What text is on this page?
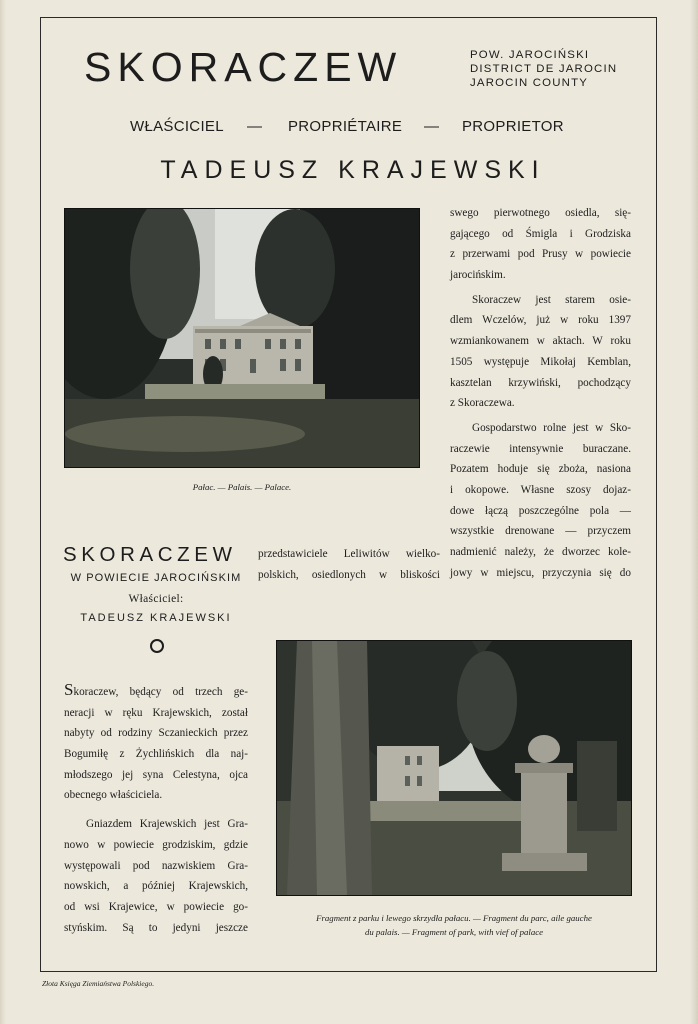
SKORACZEW	POW. JAROCIŃSKI
DISTRICT DE JAROCIN
JAROCIN COUNTY
WŁAŚCICIEL — PROPRIÉTAIRE — PROPRIETOR
TADEUSZ KRAJEWSKI
Pałac. — Palais. — Palace.
swego pierwotnego osiedla, się-
gającego od Śmigla i Grodziska
z przerwami pod Prusy w powiecie
jarocińskim.
Skoraczew jest starem osie-
dlem Wczelów, już w roku 1397
wzmiankowanem w aktach. W roku
1505 występuje Mikołaj Kemblan,
kasztelan krzywiński, pochodzący
z Skoraczewa.
Gospodarstwo rolne jest w Sko-
raczewie intensywnie buraczane.
Pozatem hoduje się zboża, nasiona
i okopowe. Własne szosy dojaz-
dowe łączą poszczególne pola —
wszystkie drenowane — przyczem
nadmienić należy, że dworzec kole-
jowy w miejscu, przyczynia się do
przedstawiciele Leliwitów wielko-
polskich, osiedlonych w bliskości
SKORACZEW
W POWIECIE JAROCIŃSKIM
Właściciel:
TADEUSZ KRAJEWSKI
Skoraczew, będący od trzech ge-
neracji w ręku Krajewskich, został
nabyty od rodziny Sczanieckich przez
Bogumiłę z Żychlińskich dla naj-
młodszego jej syna Celestyna, ojca
obecnego właściciela.
Gniazdem Krajewskich jest Gra-
nowo w powiecie grodziskim, gdzie
występowali pod nazwiskiem Gra-
nowskich, a później Krajewskich,
od wsi Krajewice, w powiecie go-
styńskim. Są to jedyni jeszcze
Fragment z parku i lewego skrzydła pałacu. — Fragment du parc, aile gauche
du palais. — Fragment of park, with vief of palace
Złota Księga Ziemiaństwa Polskiego.
